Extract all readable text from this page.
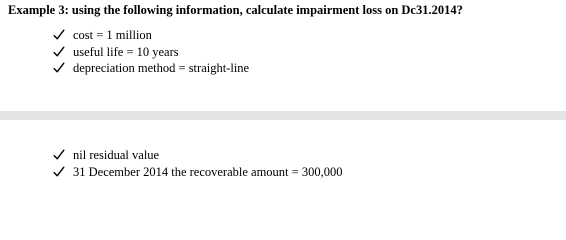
Example 3: using the following information, calculate impairment loss on Dc31.2014?
cost = 1 million
useful life = 10 years
depreciation method = straight-line
nil residual value
31 December 2014 the recoverable amount = 300,000
